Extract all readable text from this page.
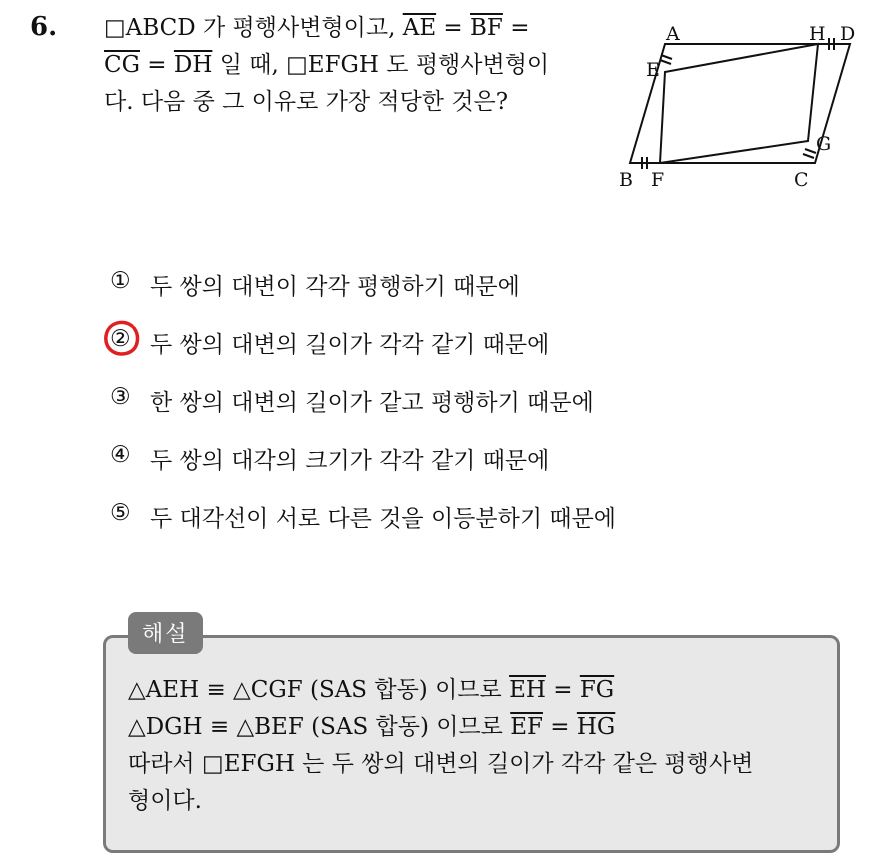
6. □ABCD 가 평행사변형이고, $\overline{AE} = \overline{BF}$ =
$\overline{CG} = \overline{DH}$ 일 때, □EFGH 도 평행사변형이
다. 다음 중 그 이유로 가장 적당한 것은?
A	H D
E
G
B F	C
① 두 쌍의 대변이 각각 평행하기 때문에
② 두 쌍의 대변의 길이가 각각 같기 때문에
③ 한 쌍의 대변의 길이가 같고 평행하기 때문에
④ 두 쌍의 대각의 크기가 각각 같기 때문에
⑤ 두 대각선이 서로 다른 것을 이등분하기 때문에
해설
△AEH ≡ △CGF (SAS 합동) 이므로 $\overline{EH} = \overline{FG}$
△DGH ≡ △BEF (SAS 합동) 이므로 $\overline{EF} = \overline{HG}$
따라서 □EFGH 는 두 쌍의 대변의 길이가 각각 같은 평행사변
형이다.
